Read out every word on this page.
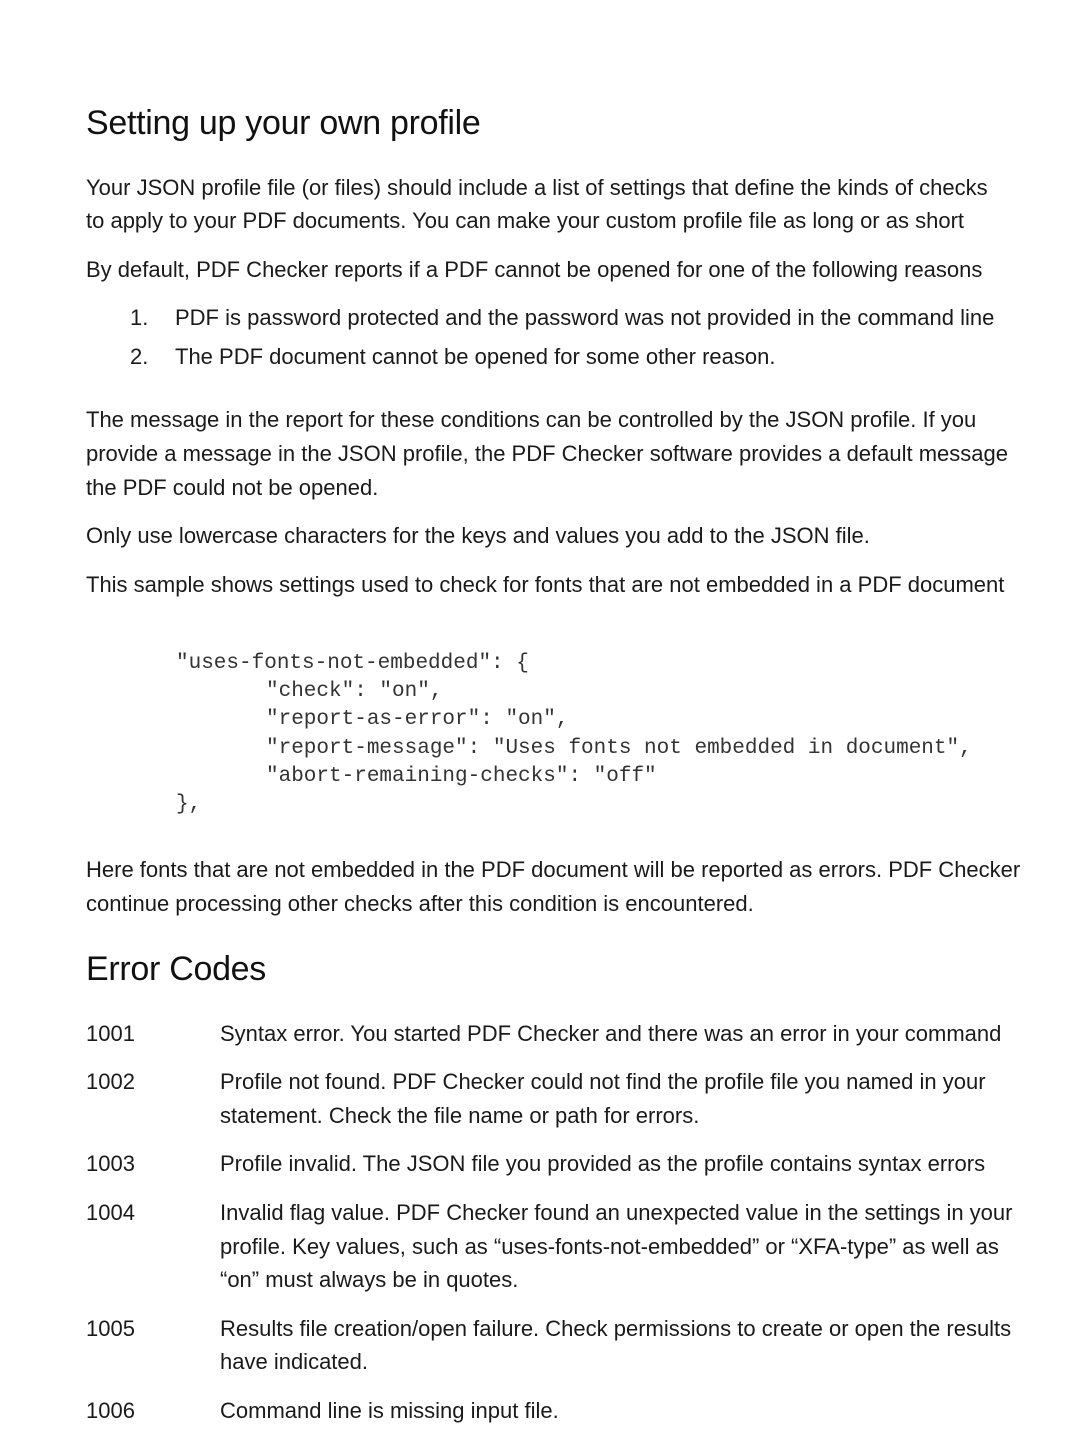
Setting up your own profile

Your JSON profile file (or files) should include a list of settings that define the kinds of checks

to apply to your PDF documents. You can make your custom profile file as long or as short

By default, PDF Checker reports if a PDF cannot be opened for one of the following reasons

1. PDF is password protected and the password was not provided in the command line
2. The PDF document cannot be opened for some other reason.

The message in the report for these conditions can be controlled by the JSON profile. If you

provide a message in the JSON profile, the PDF Checker software provides a default message

the PDF could not be opened.

Only use lowercase characters for the keys and values you add to the JSON file.

This sample shows settings used to check for fonts that are not embedded in a PDF document

"uses-fonts-not-embedded": {
"check": "on",
"report-as-error": "on",
"report-message": "Uses fonts not embedded in document",
"abort-remaining-checks": "off"
},

Here fonts that are not embedded in the PDF document will be reported as errors. PDF Checker

continue processing other checks after this condition is encountered.

Error Codes
1001	Syntax error. You started PDF Checker and there was an error in your command
1002	Profile not found. PDF Checker could not find the profile file you named in your
statement. Check the file name or path for errors.
1003	Profile invalid. The JSON file you provided as the profile contains syntax errors
1004	Invalid flag value. PDF Checker found an unexpected value in the settings in your
profile. Key values, such as “uses-fonts-not-embedded” or “XFA-type” as well as
“on” must always be in quotes.
1005	Results file creation/open failure. Check permissions to create or open the results
have indicated.
1006	Command line is missing input file.
